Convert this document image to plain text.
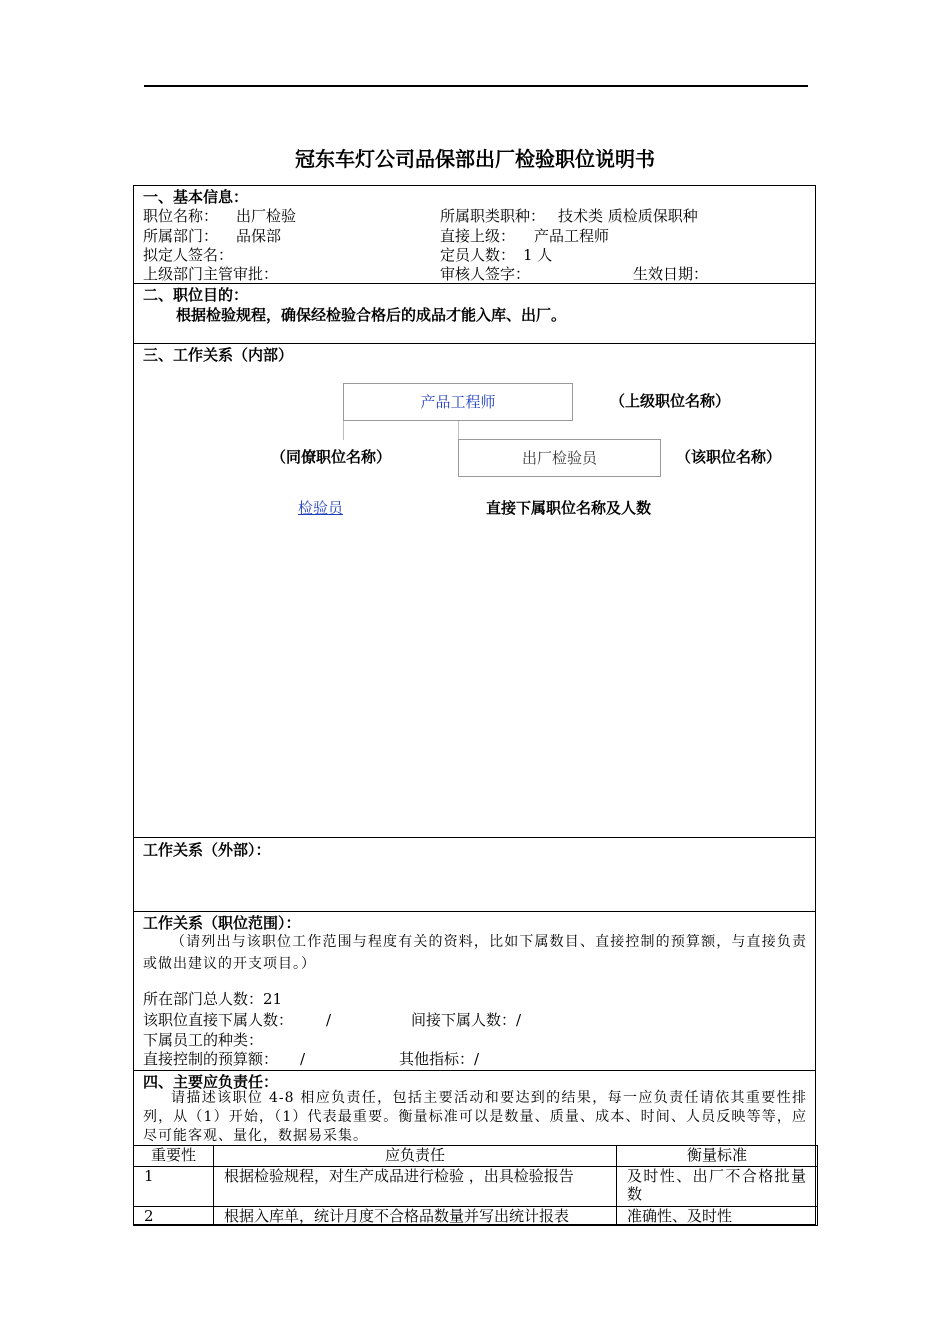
冠东车灯公司品保部出厂检验职位说明书
一、基本信息：
职位名称： 出厂检验	所属职类职种： 技术类 质检质保职种
所属部门： 品保部	直接上级： 产品工程师
拟定人签名：	定员人数： 1 人
上级部门主管审批：	审核人签字：	生效日期：
二、职位目的：
根据检验规程，确保经检验合格后的成品才能入库、出厂。
三、工作关系（内部）
产品工程师	（上级职位名称）
（同僚职位名称）	出厂检验员	（该职位名称）
检验员	直接下属职位名称及人数
工作关系（外部）：
工作关系（职位范围）：
（请列出与该职位工作范围与程度有关的资料，比如下属数目、直接控制的预算额，与直接负责或做出建议的开支项目。）
所在部门总人数：21
该职位直接下属人数： /	间接下属人数：/
下属员工的种类：
直接控制的预算额： /	其他指标：/
四、主要应负责任：
请描述该职位 4-8 相应负责任，包括主要活动和要达到的结果，每一应负责任请依其重要性排列，从（1）开始，（1）代表最重要。衡量标准可以是数量、质量、成本、时间、人员反映等等，应尽可能客观、量化，数据易采集。
重要性	应负责任	衡量标准
1	根据检验规程，对生产成品进行检验 ，出具检验报告	及时性、出厂不合格批量数
2	根据入库单，统计月度不合格品数量并写出统计报表	准确性、及时性
